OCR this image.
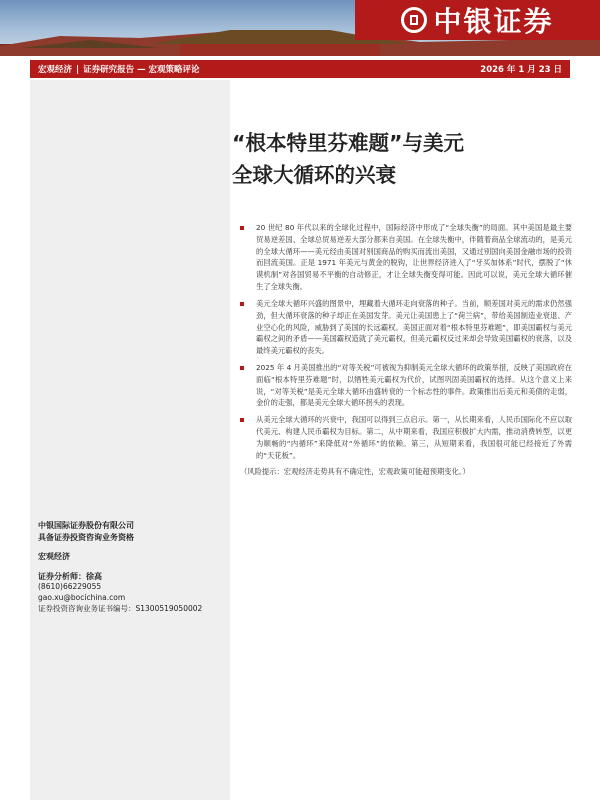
中银证券
宏观经济 | 证券研究报告 — 宏观策略评论	2026 年 1 月 23 日
中银国际证券股份有限公司
具备证券投资咨询业务资格
宏观经济
证券分析师：徐高
(8610)66229055
gao.xu@bocichina.com
证券投资咨询业务证书编号：S1300519050002
“根本特里芬难题”与美元
全球大循环的兴衰
20 世纪 80 年代以来的全球化过程中，国际经济中形成了“全球失衡”的局面。其中美国是最主要贸易逆差国、全球总贸易逆差大部分都来自美国。在全球失衡中，伴随着商品全球流动的，是美元的全球大循环——美元经由美国对别国商品的购买而流出美国，又通过别国向美国金融市场的投资而回流美国。正是 1971 年美元与黄金的脱钩，让世界经济进入了“牙买加体系”时代，摆脱了“休谟机制”对各国贸易不平衡的自动修正，才让全球失衡变得可能。因此可以说，美元全球大循环催生了全球失衡。
美元全球大循环兴盛的图景中，埋藏着大循环走向衰落的种子。当前，顺差国对美元的需求仍然强劲，但大循环衰落的种子却正在美国发芽。美元让美国患上了“荷兰病”，带给美国制造业衰退、产业空心化的风险，威胁到了美国的长远霸权。美国正面对着“根本特里芬难题”，即美国霸权与美元霸权之间的矛盾——美国霸权造就了美元霸权，但美元霸权反过来却会导致美国霸权的衰落，以及最终美元霸权的丧失。
2025 年 4 月美国推出的“对等关税”可被视为抑制美元全球大循环的政策举措，反映了美国政府在面临“根本特里芬难题”时，以牺牲美元霸权为代价，试图巩固美国霸权的选择。从这个意义上来说，“对等关税”是美元全球大循环由盛转衰的一个标志性的事件。政策推出后美元和美债的走弱，金价的走强，都是美元全球大循环拐头的表现。
从美元全球大循环的兴衰中，我国可以得到三点启示。第一，从长期来看，人民币国际化不应以取代美元、构建人民币霸权为目标。第二，从中期来看，我国应积极扩大内需，推动消费转型，以更为顺畅的“内循环”来降低对“外循环”的依赖。第三，从短期来看，我国很可能已经接近了外需的“天花板”。
（风险提示：宏观经济走势具有不确定性，宏观政策可能超预期变化。）
